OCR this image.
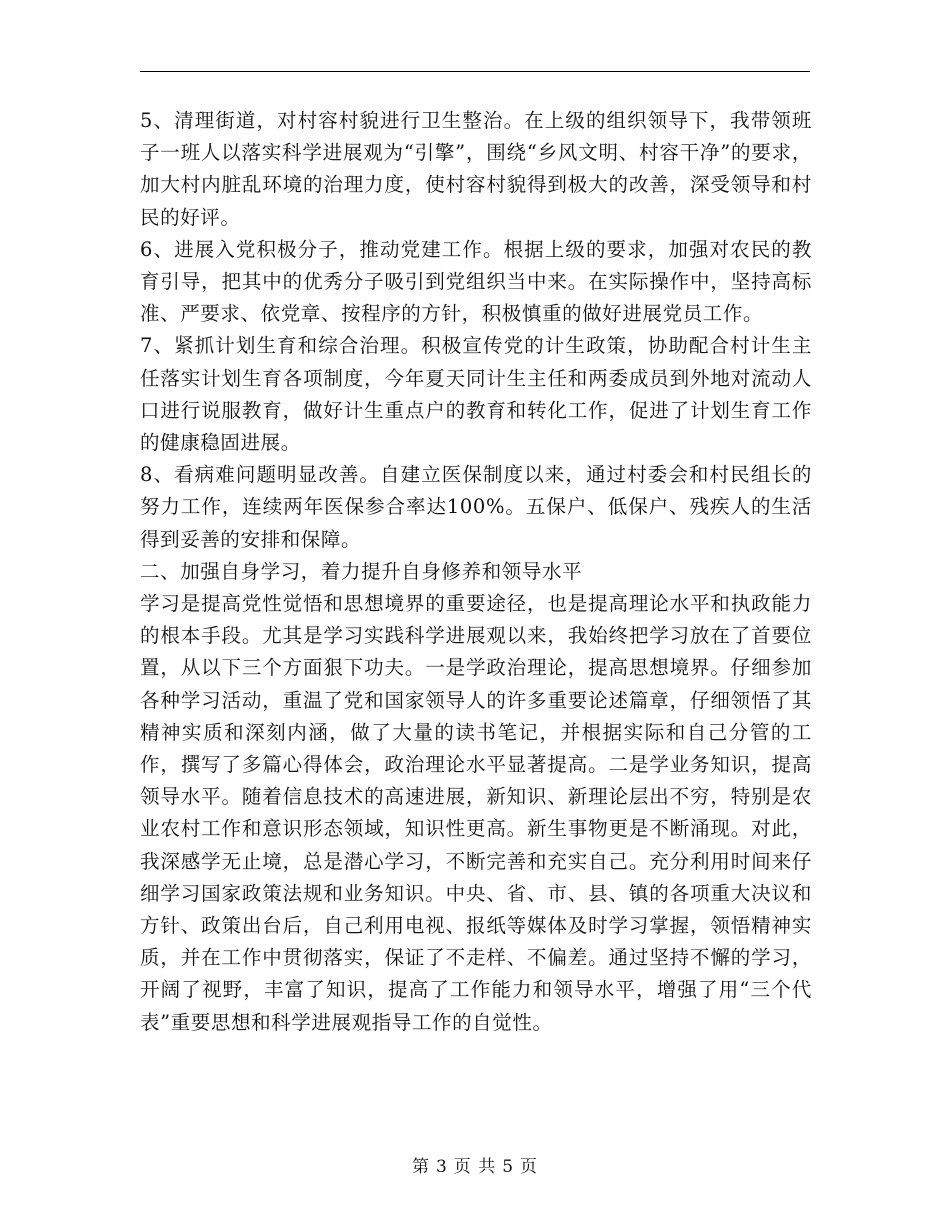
5、清理街道，对村容村貌进行卫生整治。在上级的组织领导下，我带领班子一班人以落实科学进展观为“引擎”，围绕“乡风文明、村容干净”的要求，加大村内脏乱环境的治理力度，使村容村貌得到极大的改善，深受领导和村民的好评。

6、进展入党积极分子，推动党建工作。根据上级的要求，加强对农民的教育引导，把其中的优秀分子吸引到党组织当中来。在实际操作中，坚持高标准、严要求、依党章、按程序的方针，积极慎重的做好进展党员工作。

7、紧抓计划生育和综合治理。积极宣传党的计生政策，协助配合村计生主任落实计划生育各项制度，今年夏天同计生主任和两委成员到外地对流动人口进行说服教育，做好计生重点户的教育和转化工作，促进了计划生育工作的健康稳固进展。

8、看病难问题明显改善。自建立医保制度以来，通过村委会和村民组长的努力工作，连续两年医保参合率达100%。五保户、低保户、残疾人的生活得到妥善的安排和保障。

二、加强自身学习，着力提升自身修养和领导水平

学习是提高党性觉悟和思想境界的重要途径，也是提高理论水平和执政能力的根本手段。尤其是学习实践科学进展观以来，我始终把学习放在了首要位置，从以下三个方面狠下功夫。一是学政治理论，提高思想境界。仔细参加各种学习活动，重温了党和国家领导人的许多重要论述篇章，仔细领悟了其精神实质和深刻内涵，做了大量的读书笔记，并根据实际和自己分管的工作，撰写了多篇心得体会，政治理论水平显著提高。二是学业务知识，提高领导水平。随着信息技术的高速进展，新知识、新理论层出不穷，特别是农业农村工作和意识形态领域，知识性更高。新生事物更是不断涌现。对此，我深感学无止境，总是潜心学习，不断完善和充实自己。充分利用时间来仔细学习国家政策法规和业务知识。中央、省、市、县、镇的各项重大决议和方针、政策出台后，自己利用电视、报纸等媒体及时学习掌握，领悟精神实质，并在工作中贯彻落实，保证了不走样、不偏差。通过坚持不懈的学习，开阔了视野，丰富了知识，提高了工作能力和领导水平，增强了用“三个代表”重要思想和科学进展观指导工作的自觉性。

第 3 页 共 5 页
